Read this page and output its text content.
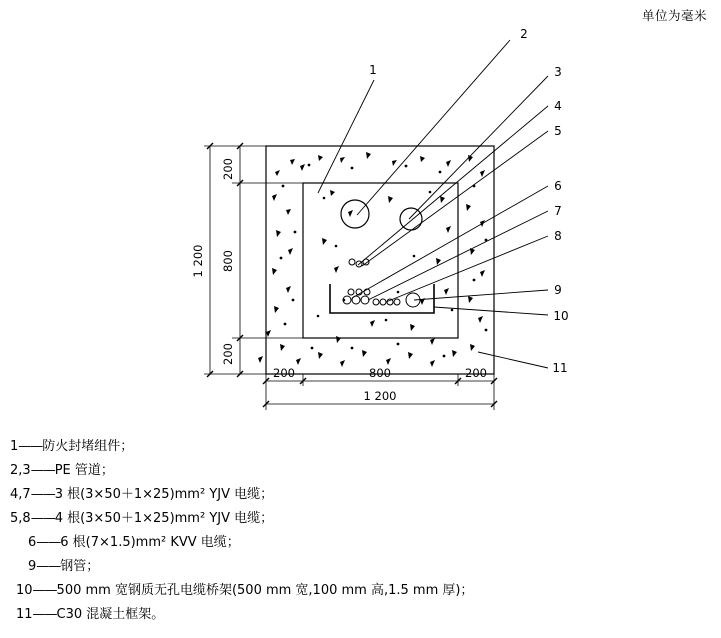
单位为毫米
1
2
3
4
5
6
7
8
9
10
11
200	800	200
1 200
200
800
200
1 200
1——防火封堵组件；
2,3——PE 管道；
4,7——3 根(3×50＋1×25)mm² YJV 电缆；
5,8——4 根(3×50＋1×25)mm² YJV 电缆；
6——6 根(7×1.5)mm² KVV 电缆；
9——钢管；
10——500 mm 宽钢质无孔电缆桥架(500 mm 宽,100 mm 高,1.5 mm 厚)；
11——C30 混凝土框架。
